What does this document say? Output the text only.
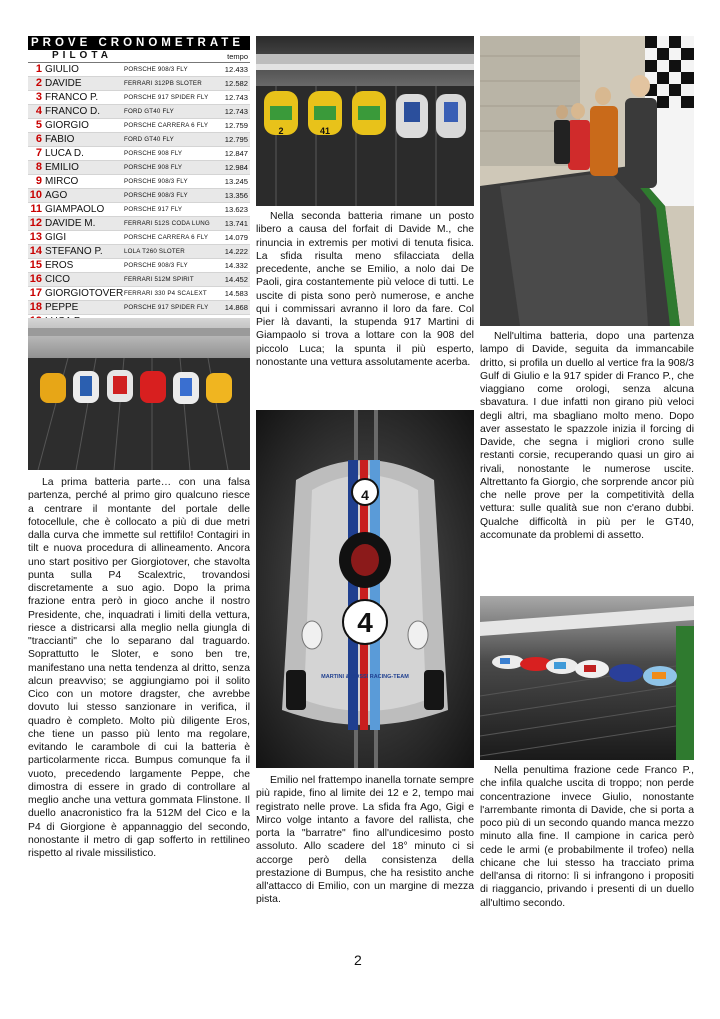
PROVE CRONOMETRATE
PILOTA	tempo
1 GIULIO	PORSCHE 908/3 FLY	12.433
2 DAVIDE	FERRARI 312PB SLOTER	12.582
3 FRANCO P.	PORSCHE 917 SPIDER FLY 12.743
4 FRANCO D.	FORD GT40 FLY	12.743
5 GIORGIO	PORSCHE CARRERA 6 FLY 12.759
6 FABIO	FORD GT40 FLY	12.795
7 LUCA D.	PORSCHE 908 FLY	12.847
8 EMILIO	PORSCHE 908 FLY	12.984
9 MIRCO	PORSCHE 908/3 FLY	13.245
10 AGO	PORSCHE 908/3 FLY	13.356
11 GIAMPAOLO	PORSCHE 917 FLY	13.623
12 DAVIDE M.	FERRARI 512S CODA LUNG 13.741
13 GIGI	PORSCHE CARRERA 6 FLY 14.079
14 STEFANO P.	LOLA T260 SLOTER	14.222
15 EROS	PORSCHE 908/3 FLY	14.332
16 CICO	FERRARI 512M SPIRIT	14.452
17 GIORGIOTOVER FERRARI 330 P4 SCALEXT 14.583
18 PEPPE	PORSCHE 917 SPIDER FLY 14.868
2	41
4
4
MARTINI & ROSSI RACING-TEAM

La prima batteria parte… con una falsa partenza, perché al primo giro qualcuno riesce a centrare il montante del portale delle fotocellule, che è collocato a più di due metri dalla curva che immette sul rettifilo! Contagiri in tilt e nuova procedura di allineamento. Ancora uno start positivo per Giorgiotover, che stavolta punta sulla P4 Scalextric, trovandosi discretamente a suo agio. Dopo la prima frazione entra però in gioco anche il nostro Presidente, che, inquadrati i limiti della vettura, riesce a districarsi alla meglio nella giungla di "traccianti" che lo separano dal traguardo. Soprattutto le Sloter, e sono ben tre, manifestano una netta tendenza al dritto, senza alcun preavviso; se aggiungiamo poi il solito Cico con un motore dragster, che avrebbe dovuto lui stesso sanzionare in verifica, il quadro è completo. Molto più diligente Eros, che tiene un passo più lento ma regolare, evitando le carambole di cui la batteria è particolarmente ricca. Bumpus comunque fa il vuoto, precedendo largamente Peppe, che dimostra di essere in grado di controllare al meglio anche una vettura gommata Flinstone. Il duello anacronistico fra la 512M del Cico e la P4 di Giorgione è appannaggio del secondo, nonostante il metro di gap sofferto in rettilineo rispetto al rivale missilistico.

Nella seconda batteria rimane un posto libero a causa del forfait di Davide M., che rinuncia in extremis per motivi di tenuta fisica. La sfida risulta meno sfilacciata della precedente, anche se Emilio, a nolo dai De Paoli, gira costantemente più veloce di tutti. Le uscite di pista sono però numerose, e anche qui i commissari avranno il loro da fare. Col Pier là davanti, la stupenda 917 Martini di Giampaolo si trova a lottare con la 908 del piccolo Luca; la spunta il più esperto, nonostante una vettura assolutamente acerba.

Emilio nel frattempo inanella tornate sempre più rapide, fino al limite dei 12 e 2, tempo mai registrato nelle prove. La sfida fra Ago, Gigi e Mirco volge intanto a favore del rallista, che porta la "barratre" fino all'undicesimo posto assoluto. Allo scadere del 18° minuto ci si accorge però della consistenza della prestazione di Bumpus, che ha resistito anche all'attacco di Emilio, con un margine di mezza pista.

Nell'ultima batteria, dopo una partenza lampo di Davide, seguita da immancabile dritto, si profila un duello al vertice fra la 908/3 Gulf di Giulio e la 917 spider di Franco P., che viaggiano come orologi, senza alcuna sbavatura. I due infatti non girano più veloci degli altri, ma sbagliano molto meno. Dopo aver assestato le spazzole inizia il forcing di Davide, che segna i migliori crono sulle restanti corsie, recuperando quasi un giro ai rivali, nonostante le numerose uscite. Altrettanto fa Giorgio, che sorprende ancor più che nelle prove per la competitività della vettura: sulle qualità sue non c'erano dubbi. Qualche difficoltà in più per le GT40, accomunate da problemi di assetto.

Nella penultima frazione cede Franco P., che infila qualche uscita di troppo; non perde concentrazione invece Giulio, nonostante l'arrembante rimonta di Davide, che si porta a poco più di un secondo quando manca mezzo minuto alla fine. Il campione in carica però cede le armi (e probabilmente il trofeo) nella chicane che lui stesso ha tracciato prima dell'ansa di ritorno: lì si infrangono i propositi di riaggancio, privando i presenti di un duello all'ultimo secondo.

2
